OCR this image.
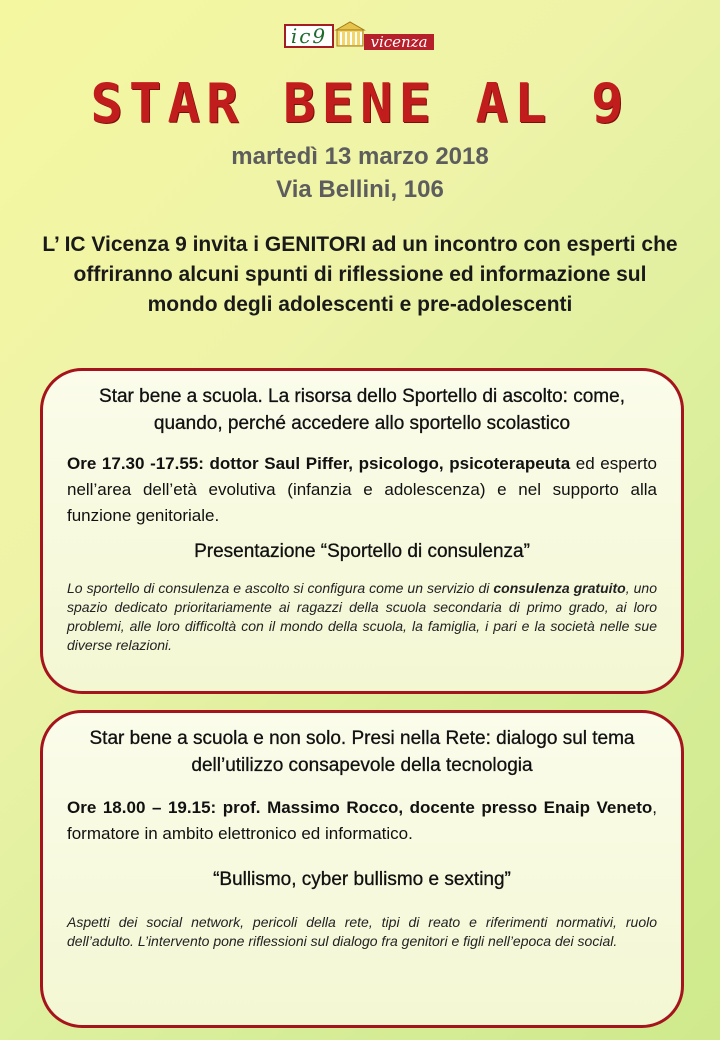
ic9	vicenza
STAR BENE AL 9
martedì 13 marzo 2018
Via Bellini, 106
L’ IC Vicenza 9 invita i GENITORI ad un incontro con esperti che offriranno alcuni spunti di riflessione ed informazione sul mondo degli adolescenti e pre-adolescenti
Star bene a scuola. La risorsa dello Sportello di ascolto: come, quando, perché accedere allo sportello scolastico
Ore 17.30 -17.55: dottor Saul Piffer, psicologo, psicoterapeuta ed esperto nell’area dell’età evolutiva (infanzia e adolescenza) e nel supporto alla funzione genitoriale.
Presentazione “Sportello di consulenza”
Lo sportello di consulenza e ascolto si configura come un servizio di consulenza gratuito, uno spazio dedicato prioritariamente ai ragazzi della scuola secondaria di primo grado, ai loro problemi, alle loro difficoltà con il mondo della scuola, la famiglia, i pari e la società nelle sue diverse relazioni.
Star bene a scuola e non solo. Presi nella Rete: dialogo sul tema dell’utilizzo consapevole della tecnologia
Ore 18.00 – 19.15: prof. Massimo Rocco, docente presso Enaip Veneto, formatore in ambito elettronico ed informatico.
“Bullismo, cyber bullismo e sexting”
Aspetti dei social network, pericoli della rete, tipi di reato e riferimenti normativi, ruolo dell’adulto. L’intervento pone riflessioni sul dialogo fra genitori e figli nell’epoca dei social.
